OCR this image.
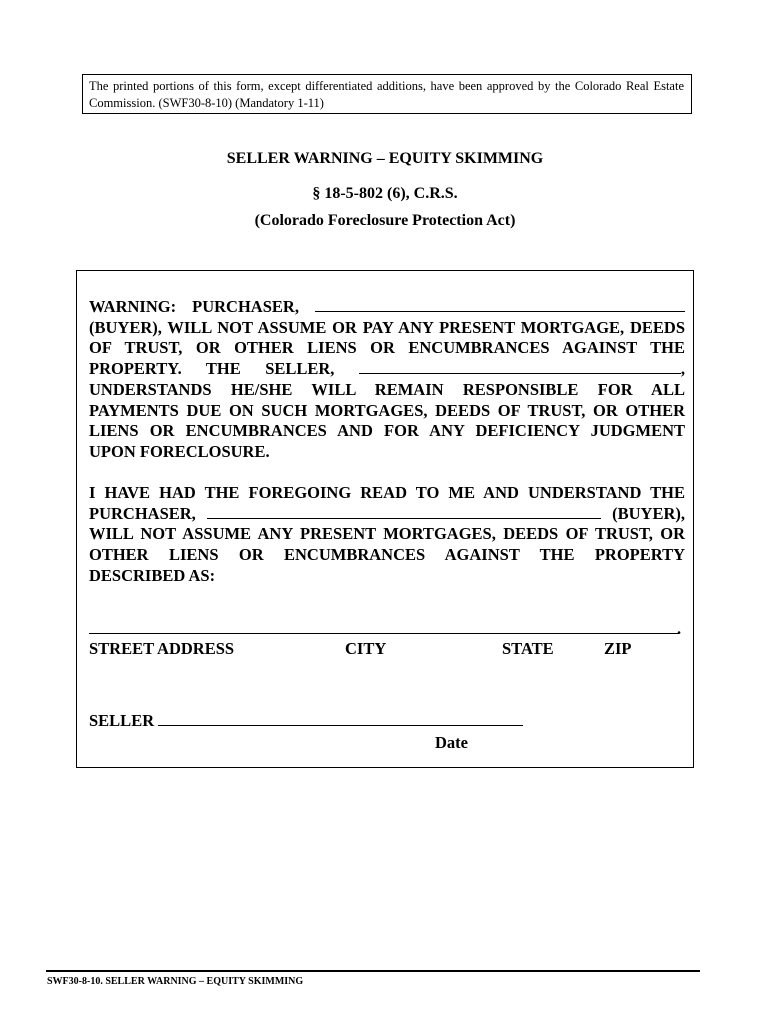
The printed portions of this form, except differentiated additions, have been approved by the Colorado Real Estate Commission. (SWF30-8-10) (Mandatory 1-11)
SELLER WARNING – EQUITY SKIMMING
§ 18-5-802 (6), C.R.S.
(Colorado Foreclosure Protection Act)
WARNING: PURCHASER,  (BUYER), WILL NOT ASSUME OR PAY ANY PRESENT MORTGAGE, DEEDS OF TRUST, OR OTHER LIENS OR ENCUMBRANCES AGAINST THE PROPERTY. THE SELLER,	, UNDERSTANDS HE/SHE WILL REMAIN RESPONSIBLE FOR ALL PAYMENTS DUE ON SUCH MORTGAGES, DEEDS OF TRUST, OR OTHER LIENS OR ENCUMBRANCES AND FOR ANY DEFICIENCY JUDGMENT UPON FORECLOSURE.
I HAVE HAD THE FOREGOING READ TO ME AND UNDERSTAND THE PURCHASER,	(BUYER), WILL NOT ASSUME ANY PRESENT MORTGAGES, DEEDS OF TRUST, OR OTHER LIENS OR ENCUMBRANCES AGAINST THE PROPERTY DESCRIBED AS:
.
STREET ADDRESS	CITY	STATE	ZIP
SELLER
Date
SWF30-8-10. SELLER WARNING – EQUITY SKIMMING
